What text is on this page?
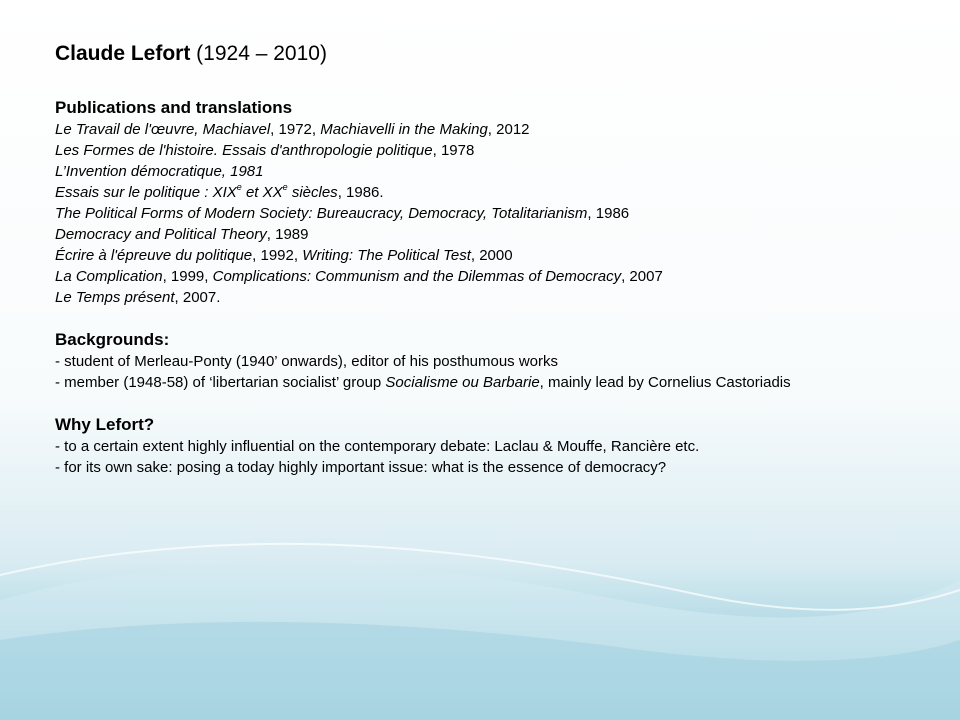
Claude Lefort (1924 – 2010)

Publications and translations

Le Travail de l'œuvre, Machiavel, 1972, Machiavelli in the Making, 2012

Les Formes de l'histoire. Essais d'anthropologie politique, 1978

L’Invention démocratique, 1981

Essais sur le politique : XIXe et XXe siècles, 1986.

The Political Forms of Modern Society: Bureaucracy, Democracy, Totalitarianism, 1986

Democracy and Political Theory, 1989

Écrire à l'épreuve du politique, 1992, Writing: The Political Test, 2000

La Complication, 1999, Complications: Communism and the Dilemmas of Democracy, 2007

Le Temps présent, 2007.

Backgrounds:

- student of Merleau-Ponty (1940’ onwards), editor of his posthumous works

- member (1948-58) of ‘libertarian socialist’ group Socialisme ou Barbarie, mainly lead by Cornelius Castoriadis

Why Lefort?

- to a certain extent highly influential on the contemporary debate: Laclau & Mouffe, Rancière etc.

- for its own sake: posing a today highly important issue: what is the essence of democracy?
